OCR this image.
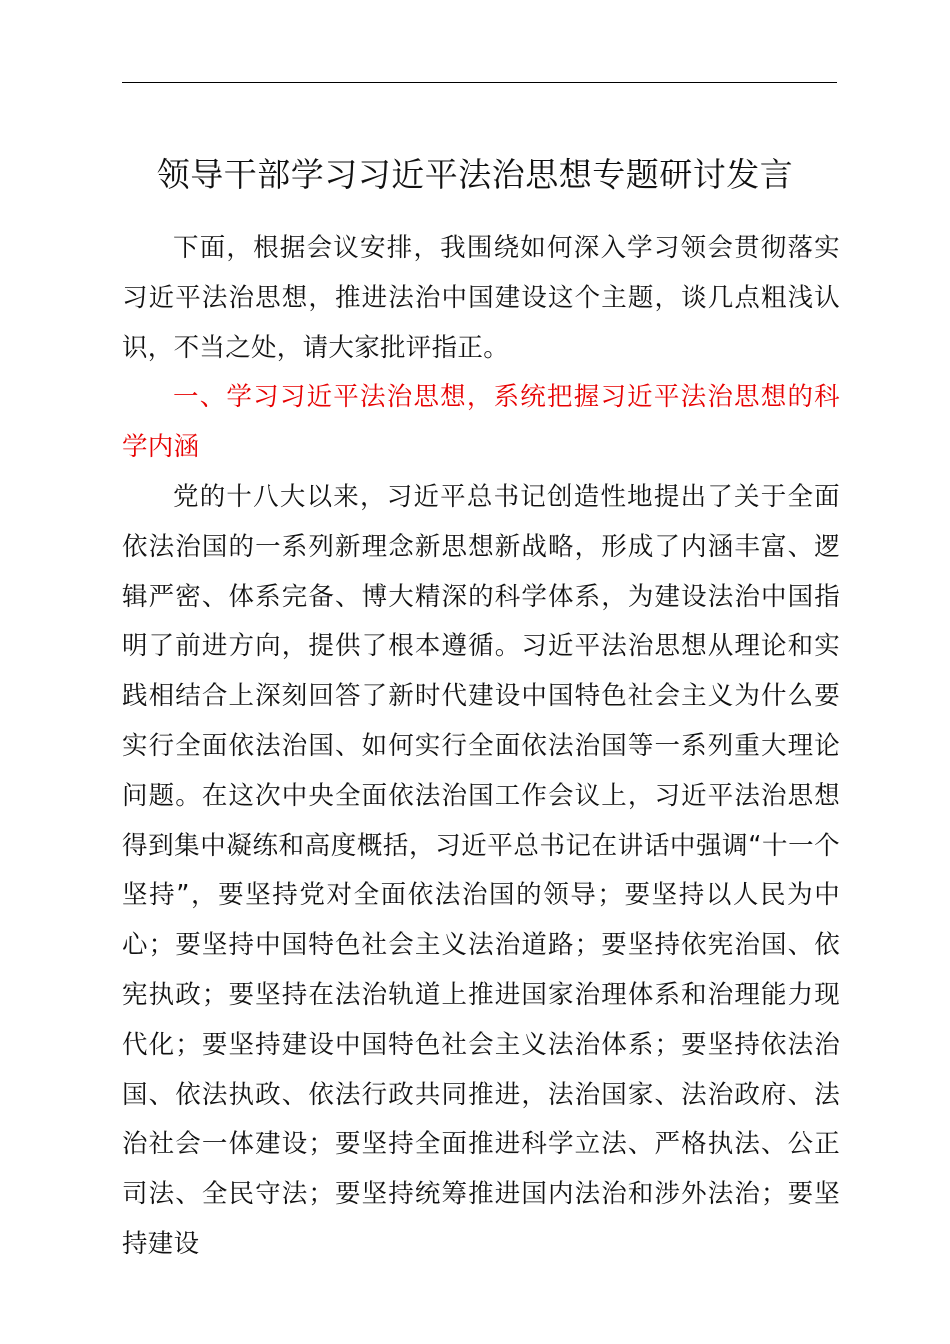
领导干部学习习近平法治思想专题研讨发言

下面，根据会议安排，我围绕如何深入学习领会贯彻落实习近平法治思想，推进法治中国建设这个主题，谈几点粗浅认识，不当之处，请大家批评指正。

一、学习习近平法治思想，系统把握习近平法治思想的科学内涵

党的十八大以来，习近平总书记创造性地提出了关于全面依法治国的一系列新理念新思想新战略，形成了内涵丰富、逻辑严密、体系完备、博大精深的科学体系，为建设法治中国指明了前进方向，提供了根本遵循。习近平法治思想从理论和实践相结合上深刻回答了新时代建设中国特色社会主义为什么要实行全面依法治国、如何实行全面依法治国等一系列重大理论问题。在这次中央全面依法治国工作会议上，习近平法治思想得到集中凝练和高度概括，习近平总书记在讲话中强调“十一个坚持”，要坚持党对全面依法治国的领导；要坚持以人民为中心；要坚持中国特色社会主义法治道路；要坚持依宪治国、依宪执政；要坚持在法治轨道上推进国家治理体系和治理能力现代化；要坚持建设中国特色社会主义法治体系；要坚持依法治国、依法执政、依法行政共同推进，法治国家、法治政府、法治社会一体建设；要坚持全面推进科学立法、严格执法、公正司法、全民守法；要坚持统筹推进国内法治和涉外法治；要坚持建设
